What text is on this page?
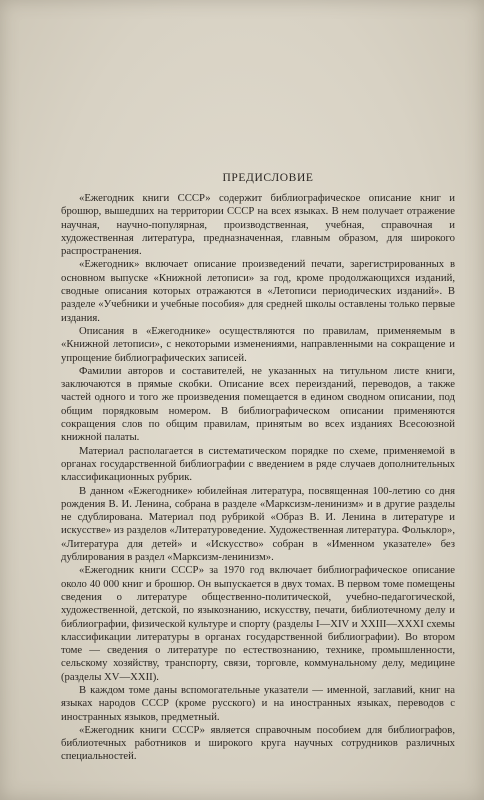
ПРЕДИСЛОВИЕ

«Ежегодник книги СССР» содержит библиографическое описание книг и брошюр, вышедших на территории СССР на всех языках. В нем получает отражение научная, научно-популярная, производственная, учебная, справочная и художественная литература, предназначенная, главным образом, для широкого распространения.

«Ежегодник» включает описание произведений печати, зарегистрированных в основном выпуске «Книжной летописи» за год, кроме продолжающихся изданий, сводные описания которых отражаются в «Летописи периодических изданий». В разделе «Учебники и учебные пособия» для средней школы оставлены только первые издания.

Описания в «Ежегоднике» осуществляются по правилам, применяемым в «Книжной летописи», с некоторыми изменениями, направленными на сокращение и упрощение библиографических записей.

Фамилии авторов и составителей, не указанных на титульном листе книги, заключаются в прямые скобки. Описание всех переизданий, переводов, а также частей одного и того же произведения помещается в едином сводном описании, под общим порядковым номером. В библиографическом описании применяются сокращения слов по общим правилам, принятым во всех изданиях Всесоюзной книжной палаты.

Материал располагается в систематическом порядке по схеме, применяемой в органах государственной библиографии с введением в ряде случаев дополнительных классификационных рубрик.

В данном «Ежегоднике» юбилейная литература, посвященная 100-летию со дня рождения В. И. Ленина, собрана в разделе «Марксизм-ленинизм» и в другие разделы не сдублирована. Материал под рубрикой «Образ В. И. Ленина в литературе и искусстве» из разделов «Литературоведение. Художественная литература. Фольклор», «Литература для детей» и «Искусство» собран в «Именном указателе» без дублирования в раздел «Марксизм-ленинизм».

«Ежегодник книги СССР» за 1970 год включает библиографическое описание около 40 000 книг и брошюр. Он выпускается в двух томах. В первом томе помещены сведения о литературе общественно-политической, учебно-педагогической, художественной, детской, по языкознанию, искусству, печати, библиотечному делу и библиографии, физической культуре и спорту (разделы I—XIV и XXIII—XXXI схемы классификации литературы в органах государственной библиографии). Во втором томе — сведения о литературе по естествознанию, технике, промышленности, сельскому хозяйству, транспорту, связи, торговле, коммунальному делу, медицине (разделы XV—XXII).

В каждом томе даны вспомогательные указатели — именной, заглавий, книг на языках народов СССР (кроме русского) и на иностранных языках, переводов с иностранных языков, предметный.

«Ежегодник книги СССР» является справочным пособием для библиографов, библиотечных работников и широкого круга научных сотрудников различных специальностей.
